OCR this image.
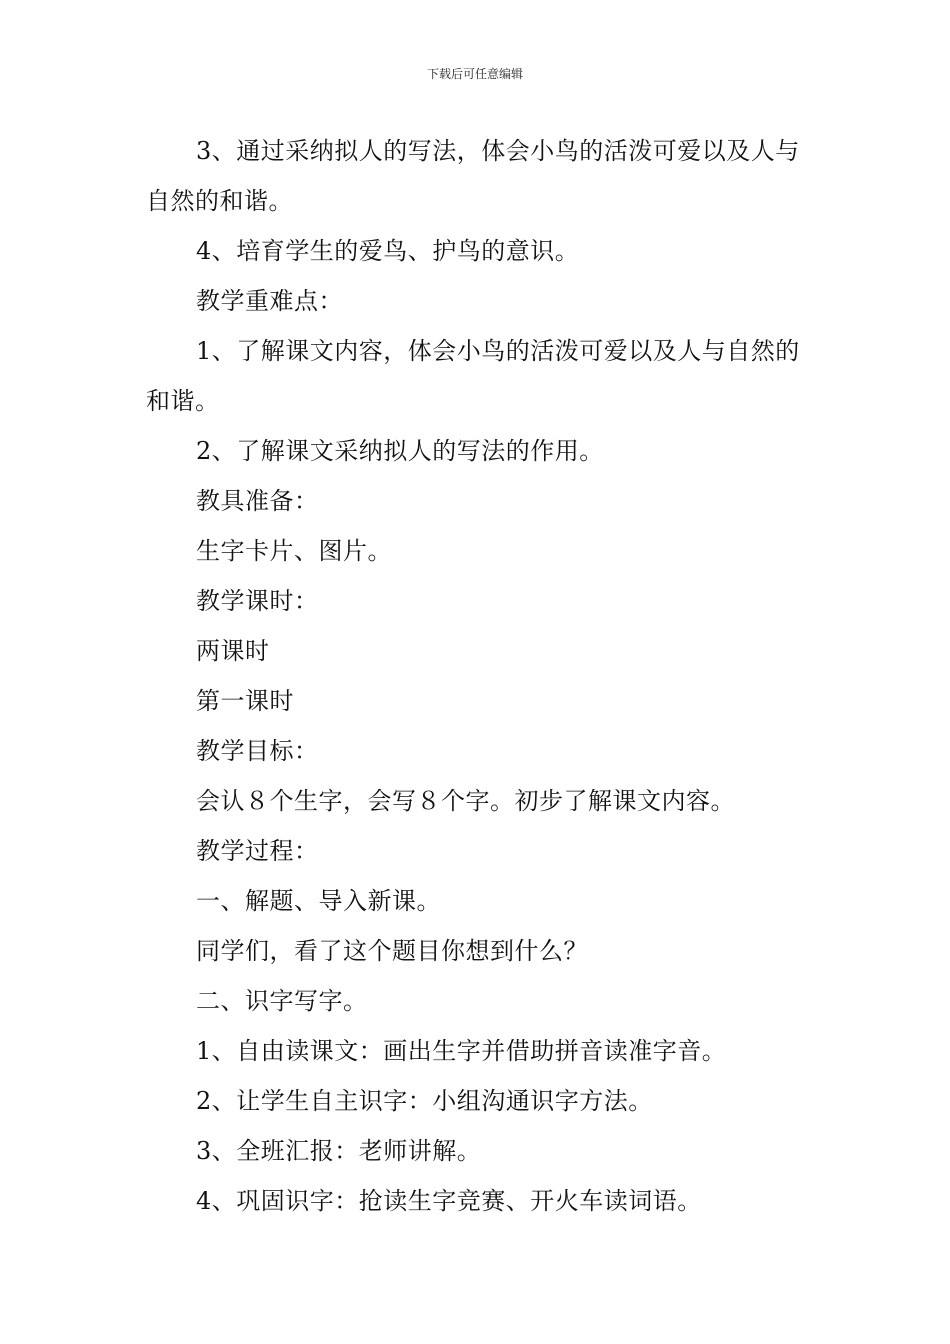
下载后可任意编辑

3、通过采纳拟人的写法，体会小鸟的活泼可爱以及人与自然的和谐。

4、培育学生的爱鸟、护鸟的意识。

教学重难点：

1、了解课文内容，体会小鸟的活泼可爱以及人与自然的和谐。

2、了解课文采纳拟人的写法的作用。

教具准备：

生字卡片、图片。

教学课时：

两课时

第一课时

教学目标：

会认８个生字，会写８个字。初步了解课文内容。

教学过程：

一、解题、导入新课。

同学们，看了这个题目你想到什么？

二、识字写字。

1、自由读课文：画出生字并借助拼音读准字音。

2、让学生自主识字：小组沟通识字方法。

3、全班汇报：老师讲解。

4、巩固识字：抢读生字竞赛、开火车读词语。
